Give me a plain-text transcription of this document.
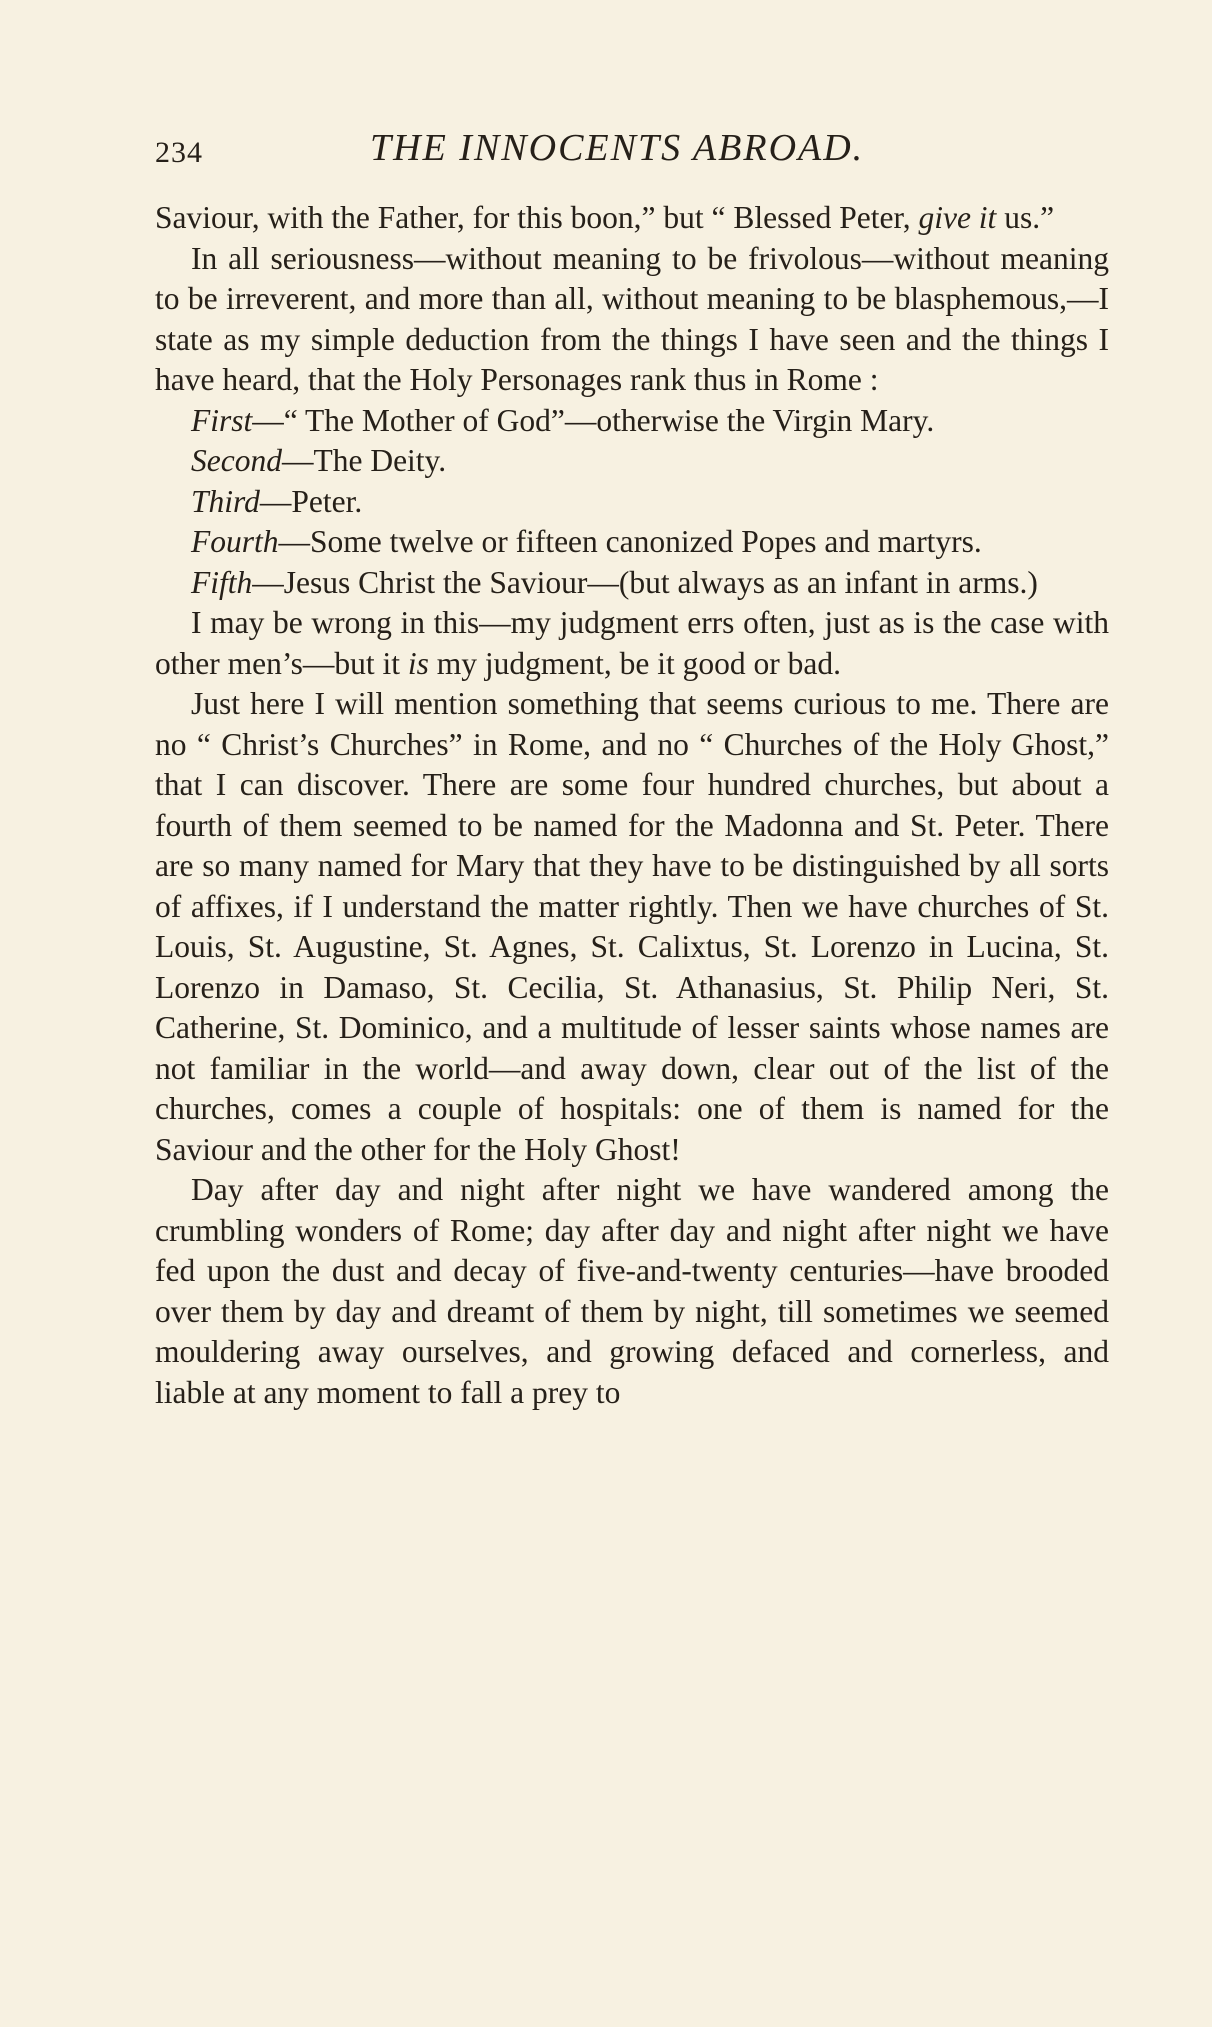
234	THE INNOCENTS ABROAD.

Saviour, with the Father, for this boon,” but “ Blessed Peter, give it us.”

In all seriousness—without meaning to be frivolous—without meaning to be irreverent, and more than all, without meaning to be blasphemous,—I state as my simple deduction from the things I have seen and the things I have heard, that the Holy Personages rank thus in Rome :

First—“ The Mother of God”—otherwise the Virgin Mary.

Second—The Deity.

Third—Peter.

Fourth—Some twelve or fifteen canonized Popes and martyrs.

Fifth—Jesus Christ the Saviour—(but always as an infant in arms.)

I may be wrong in this—my judgment errs often, just as is the case with other men’s—but it is my judgment, be it good or bad.

Just here I will mention something that seems curious to me. There are no “ Christ’s Churches” in Rome, and no “ Churches of the Holy Ghost,” that I can discover. There are some four hundred churches, but about a fourth of them seemed to be named for the Madonna and St. Peter. There are so many named for Mary that they have to be distinguished by all sorts of affixes, if I understand the matter rightly. Then we have churches of St. Louis, St. Augustine, St. Agnes, St. Calixtus, St. Lorenzo in Lucina, St. Lorenzo in Damaso, St. Cecilia, St. Athanasius, St. Philip Neri, St. Catherine, St. Dominico, and a multitude of lesser saints whose names are not familiar in the world—and away down, clear out of the list of the churches, comes a couple of hospitals: one of them is named for the Saviour and the other for the Holy Ghost!

Day after day and night after night we have wandered among the crumbling wonders of Rome; day after day and night after night we have fed upon the dust and decay of five-and-twenty centuries—have brooded over them by day and dreamt of them by night, till sometimes we seemed mouldering away ourselves, and growing defaced and cornerless, and liable at any moment to fall a prey to
